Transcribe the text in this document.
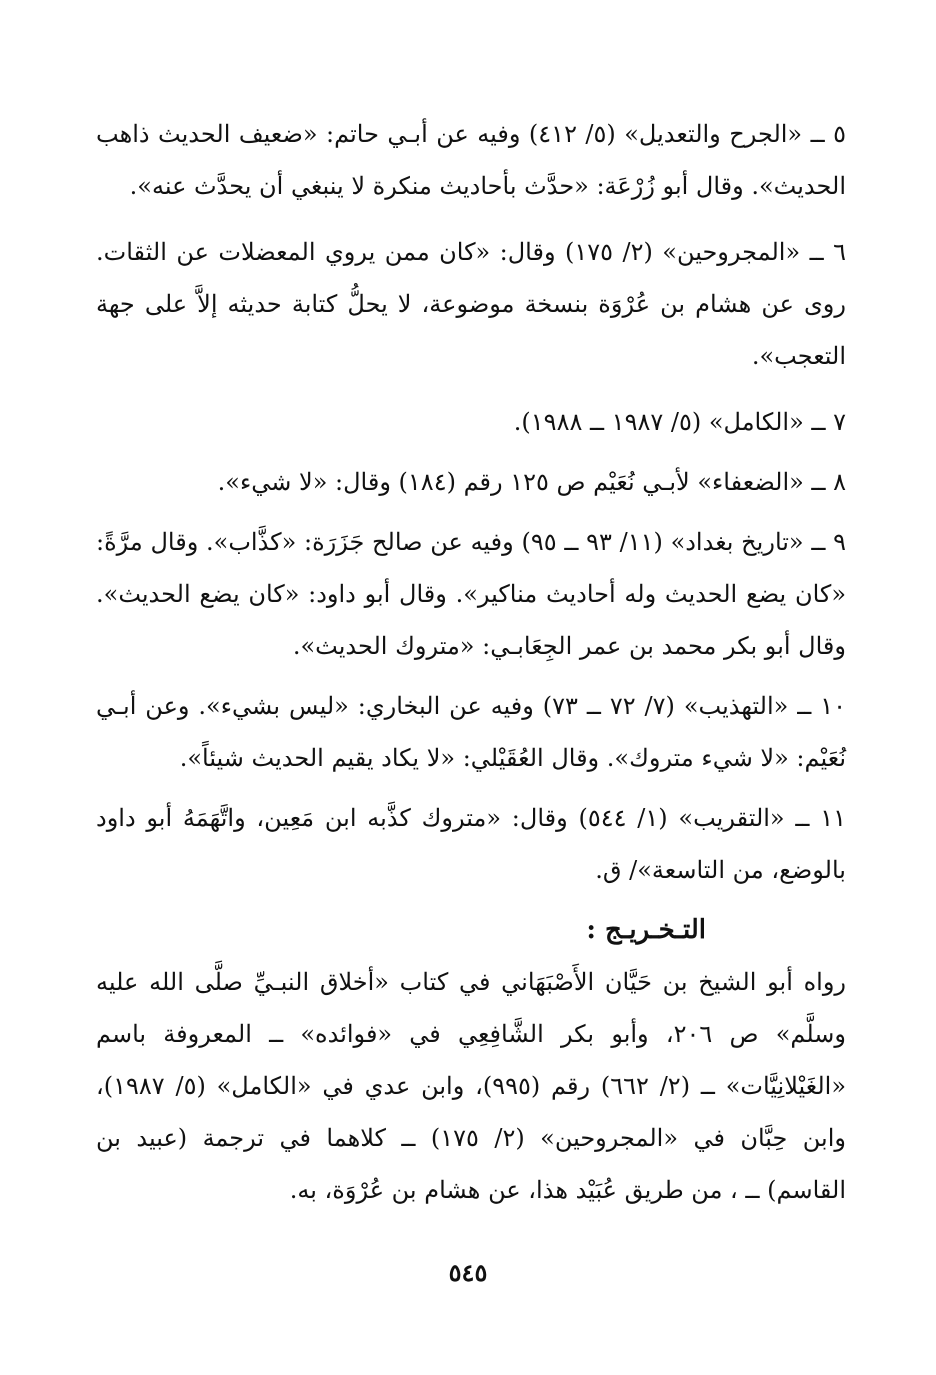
٥ ــ «الجرح والتعديل» (٥/ ٤١٢) وفيه عن أبـي حاتم: «ضعيف الحديث ذاهب الحديث». وقال أبو زُرْعَة: «حدَّث بأحاديث منكرة لا ينبغي أن يحدَّث عنه».

٦ ــ «المجروحين» (٢/ ١٧٥) وقال: «كان ممن يروي المعضلات عن الثقات. روى عن هشام بن عُرْوَة بنسخة موضوعة، لا يحلُّ كتابة حديثه إلاَّ على جهة التعجب».

٧ ــ «الكامل» (٥/ ١٩٨٧ ــ ١٩٨٨).

٨ ــ «الضعفاء» لأبـي نُعَيْم ص ١٢٥ رقم (١٨٤) وقال: «لا شيء».

٩ ــ «تاريخ بغداد» (١١/ ٩٣ ــ ٩٥) وفيه عن صالح جَزَرَة: «كذَّاب». وقال مرَّةً: «كان يضع الحديث وله أحاديث مناكير». وقال أبو داود: «كان يضع الحديث». وقال أبو بكر محمد بن عمر الجِعَابـي: «متروك الحديث».

١٠ ــ «التهذيب» (٧/ ٧٢ ــ ٧٣) وفيه عن البخاري: «ليس بشيء». وعن أبـي نُعَيْم: «لا شيء متروك». وقال العُقَيْلي: «لا يكاد يقيم الحديث شيئاً».

١١ ــ «التقريب» (١/ ٥٤٤) وقال: «متروك كذَّبه ابن مَعِين، واتَّهَمَهُ أبو داود بالوضع، من التاسعة»/ ق.

التـخـريـج :

رواه أبو الشيخ بن حَيَّان الأَصْبَهَاني في كتاب «أخلاق النبـيِّ صلَّى الله عليه وسلَّم» ص ٢٠٦، وأبو بكر الشَّافِعِي في «فوائده» ــ المعروفة باسم «الغَيْلانِيَّات» ــ (٢/ ٦٦٢) رقم (٩٩٥)، وابن عدي في «الكامل» (٥/ ١٩٨٧)، وابن حِبَّان في «المجروحين» (٢/ ١٧٥) ــ كلاهما في ترجمة (عبيد بن القاسم) ــ ، من طريق عُبَيْد هذا، عن هشام بن عُرْوَة، به.

٥٤٥
